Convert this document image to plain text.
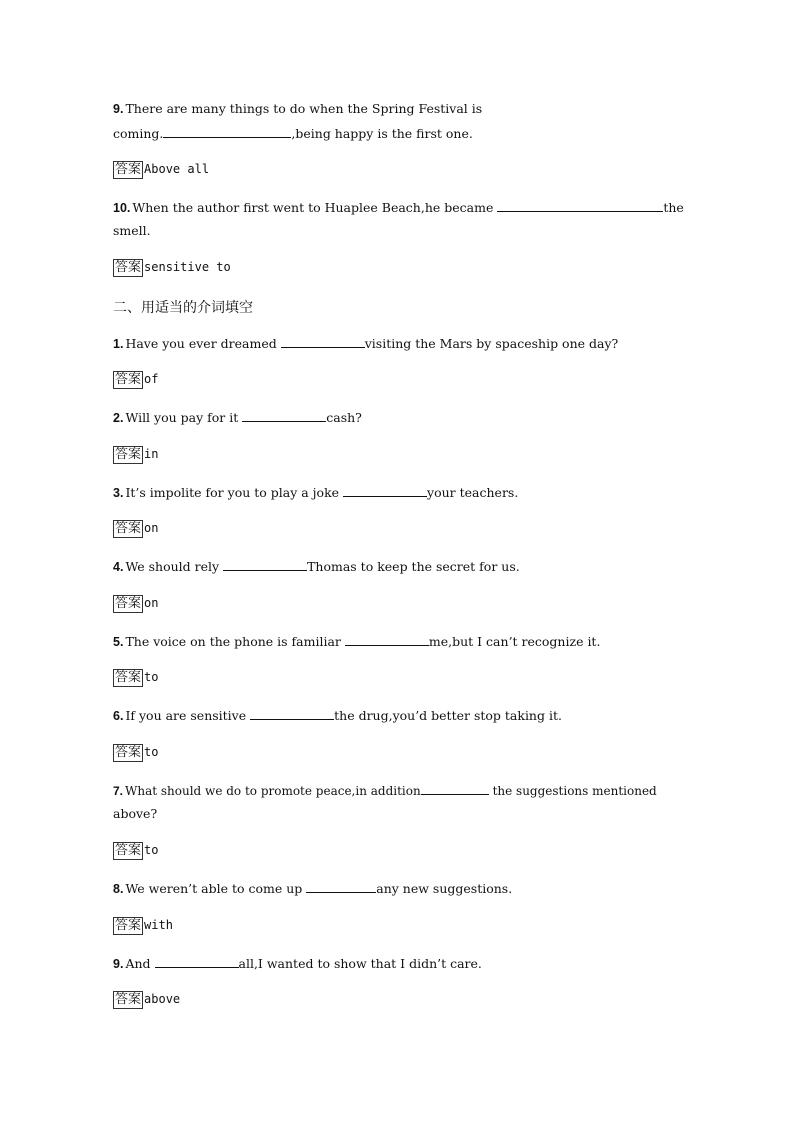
9. There are many things to do when the Spring Festival is
coming.	,being happy is the first one.
答案 Above all
10. When the author first went to Huaplee Beach,he became	the
smell.
答案 sensitive to
二、用适当的介词填空
1. Have you ever dreamed	visiting the Mars by spaceship one day?
答案 of
2. Will you pay for it	cash?
答案 in
3. It’s impolite for you to play a joke	your teachers.
答案 on
4. We should rely	Thomas to keep the secret for us.
答案 on
5. The voice on the phone is familiar	me,but I can’t recognize it.
答案 to
6. If you are sensitive	the drug,you’d better stop taking it.
答案 to
7. What should we do to promote peace,in addition	the suggestions mentioned
above?
答案 to
8. We weren’t able to come up	any new suggestions.
答案 with
9. And	all,I wanted to show that I didn’t care.
答案 above
